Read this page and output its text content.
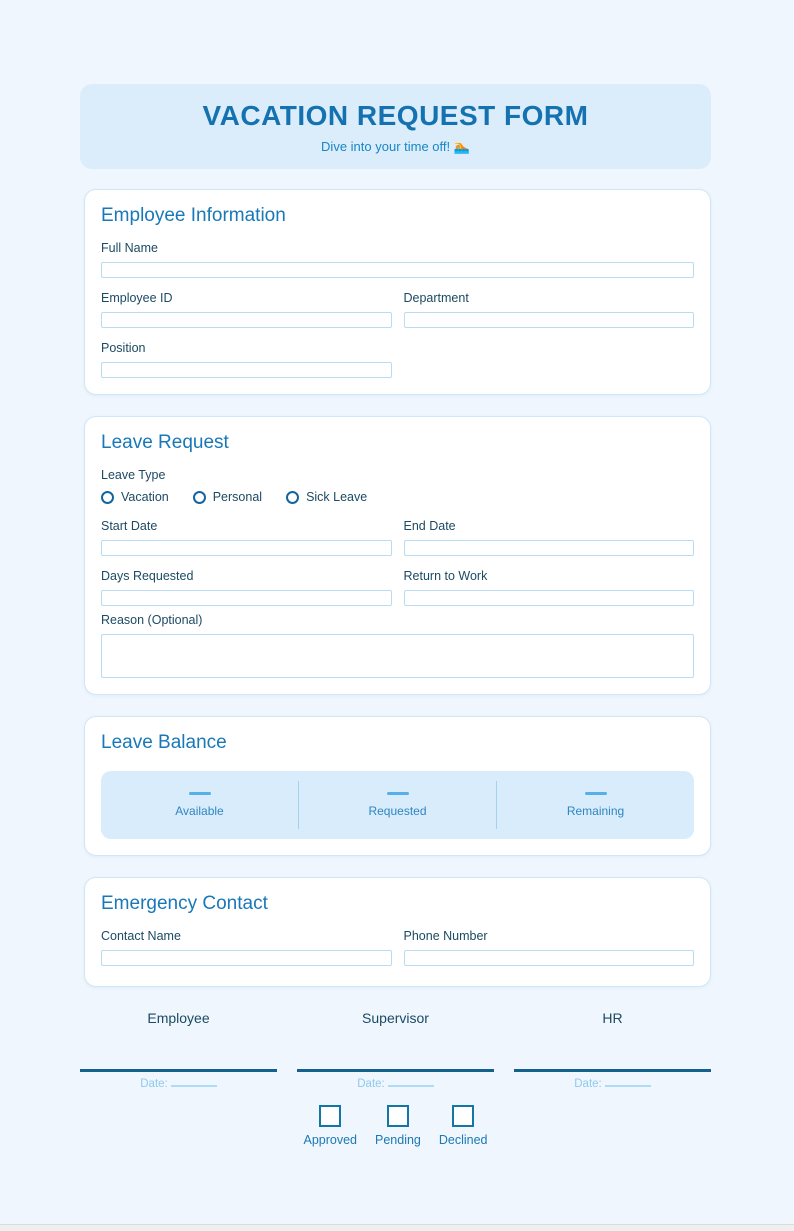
VACATION REQUEST FORM
Dive into your time off! 🏊
Employee Information
Full Name
Employee ID	Department
Position
Leave Request
Leave Type
Vacation	Personal	Sick Leave
Start Date	End Date
Days Requested	Return to Work
Reason (Optional)
Leave Balance
Available	Requested	Remaining
Emergency Contact
Contact Name	Phone Number
Employee
Date:
Supervisor
Date:
HR
Date:
Approved Pending Declined
